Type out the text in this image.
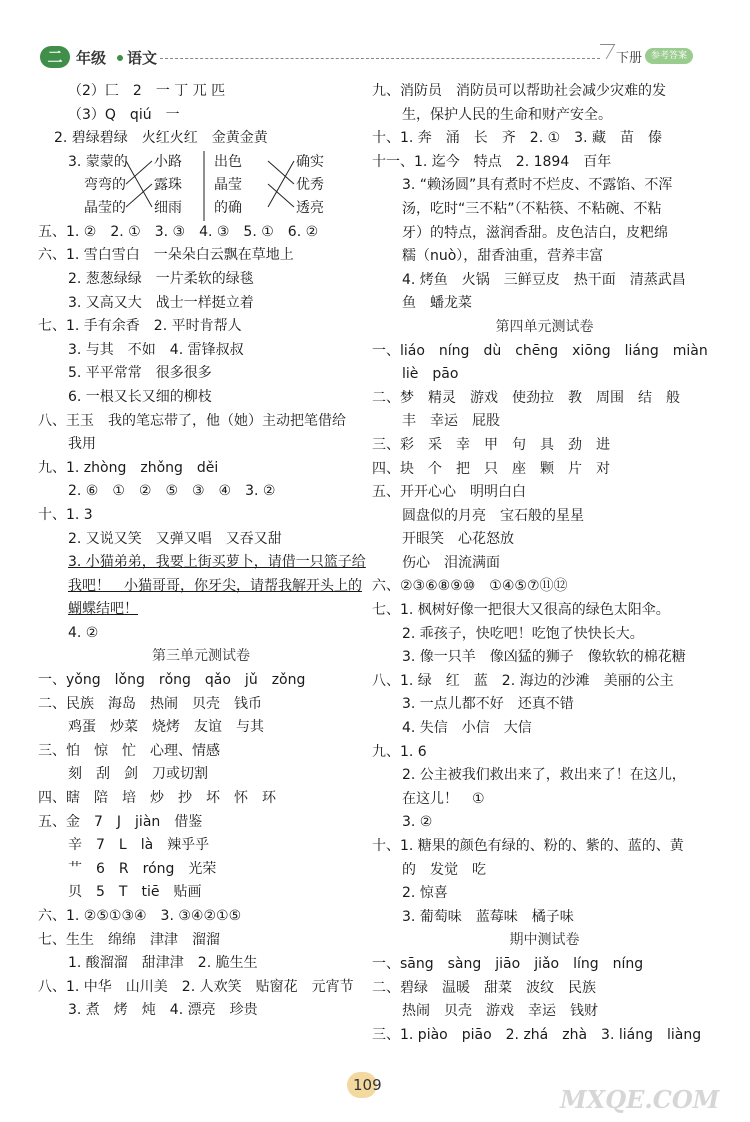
二 年级 语文	下册 参考答案
（2）匚　2　一 丁 兀 匹
（3）Q　qiú　一
2. 碧绿碧绿　火红火红　金黄金黄
3. 蒙蒙的
弯弯的
晶莹的
小路
露珠
细雨
出色
晶莹
的确
确实
优秀
透亮
五、1. ②　2. ①　3. ③　4. ③　5. ①　6. ②
六、1. 雪白雪白　一朵朵白云飘在草地上
2. 葱葱绿绿　一片柔软的绿毯
3. 又高又大　战士一样挺立着
七、1. 手有余香　2. 平时肯帮人
3. 与其　不如　4. 雷锋叔叔
5. 平平常常　很多很多
6. 一根又长又细的柳枝
八、王玉　我的笔忘带了，他（她）主动把笔借给
我用
九、1. zhòng　zhǒng　děi
2. ⑥　①　②　⑤　③　④　3. ②
十、1. 3
2. 又说又笑　又弹又唱　又吞又甜
3. 小猫弟弟，我要上街买萝卜，请借一只篮子给
我吧！　小猫哥哥，你牙尖，请帮我解开头上的
蝴蝶结吧！
4. ②
第三单元测试卷
一、yǒng　lǒng　rǒng　qǎo　jǔ　zǒng
二、民族　海岛　热闹　贝壳　钱币
鸡蛋　炒菜　烧烤　友谊　与其
三、怕　惊　忙　心理、情感
刻　刮　剑　刀或切割
四、瞎　陪　培　炒　抄　坏　怀　环
五、金　7　J　jiàn　借鉴
辛　7　L　là　辣乎乎
艹　6　R　róng　光荣
贝　5　T　tiē　贴画
六、1. ②⑤①③④　3. ③④②①⑤
七、生生　绵绵　津津　溜溜
1. 酸溜溜　甜津津　2. 脆生生
八、1. 中华　山川美　2. 人欢笑　贴窗花　元宵节
3. 煮　烤　炖　4. 漂亮　珍贵
九、消防员　消防员可以帮助社会减少灾难的发
生，保护人民的生命和财产安全。
十、1. 奔　涌　长　齐　2. ①　3. 藏　苗　傣
十一、1. 迄今　特点　2. 1894　百年
3. “赖汤圆”具有煮时不烂皮、不露馅、不浑
汤，吃时“三不粘”（不粘筷、不粘碗、不粘
牙）的特点，滋润香甜。皮色洁白，皮粑绵
糯（nuò），甜香油重，营养丰富
4. 烤鱼　火锅　三鲜豆皮　热干面　清蒸武昌
鱼　蟠龙菜
第四单元测试卷
一、liáo　níng　dù　chēng　xiōng　liáng　miàn
liè　pāo
二、梦　精灵　游戏　使劲拉　教　周围　结　般
丰　幸运　屁股
三、彩　采　幸　甲　句　具　劲　进
四、块　个　把　只　座　颗　片　对
五、开开心心　明明白白
圆盘似的月亮　宝石般的星星
开眼笑　心花怒放
伤心　泪流满面
六、②③⑥⑧⑨⑩　①④⑤⑦⑪⑫
七、1. 枫树好像一把很大又很高的绿色太阳伞。
2. 乖孩子，快吃吧！吃饱了快快长大。
3. 像一只羊　像凶猛的狮子　像软软的棉花糖
八、1. 绿　红　蓝　2. 海边的沙滩　美丽的公主
3. 一点儿都不好　还真不错
4. 失信　小信　大信
九、1. 6
2. 公主被我们救出来了，救出来了！在这儿，
在这儿！　①
3. ②
十、1. 糖果的颜色有绿的、粉的、紫的、蓝的、黄
的　发觉　吃
2. 惊喜
3. 葡萄味　蓝莓味　橘子味
期中测试卷
一、sāng　sàng　jiāo　jiǎo　líng　níng
二、碧绿　温暖　甜菜　波纹　民族
热闹　贝壳　游戏　幸运　钱财
三、1. piào　piāo　2. zhá　zhà　3. liáng　liàng
109	MXQE.COM
